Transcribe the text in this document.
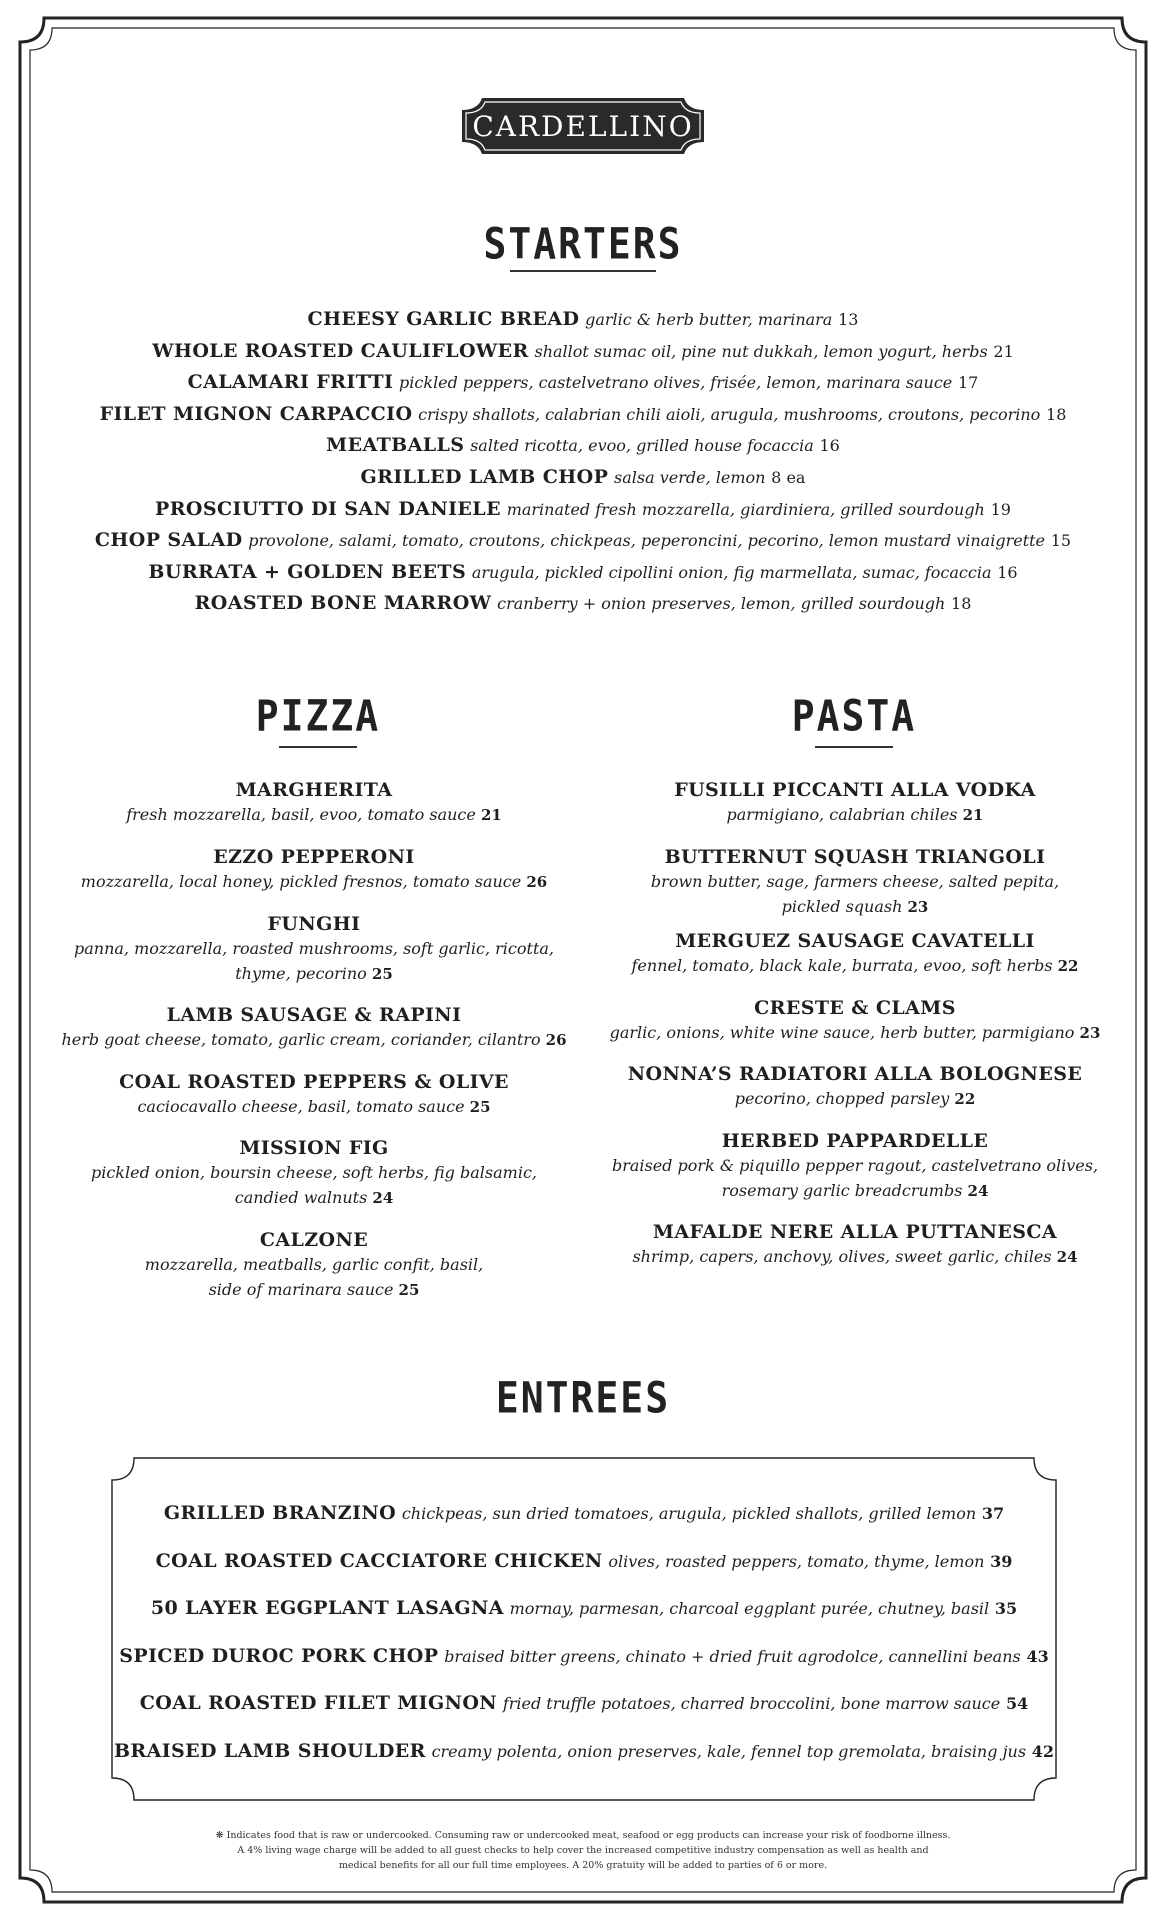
CARDELLINO
STARTERS
CHEESY GARLIC BREAD garlic & herb butter, marinara 13
WHOLE ROASTED CAULIFLOWER shallot sumac oil, pine nut dukkah, lemon yogurt, herbs 21
CALAMARI FRITTI pickled peppers, castelvetrano olives, frisée, lemon, marinara sauce 17
FILET MIGNON CARPACCIO crispy shallots, calabrian chili aioli, arugula, mushrooms, croutons, pecorino 18
MEATBALLS salted ricotta, evoo, grilled house focaccia 16
GRILLED LAMB CHOP salsa verde, lemon 8 ea
PROSCIUTTO DI SAN DANIELE marinated fresh mozzarella, giardiniera, grilled sourdough 19
CHOP SALAD provolone, salami, tomato, croutons, chickpeas, peperoncini, pecorino, lemon mustard vinaigrette 15
BURRATA + GOLDEN BEETS arugula, pickled cipollini onion, fig marmellata, sumac, focaccia 16
ROASTED BONE MARROW cranberry + onion preserves, lemon, grilled sourdough 18
PIZZA
MARGHERITA
fresh mozzarella, basil, evoo, tomato sauce 21
EZZO PEPPERONI
mozzarella, local honey, pickled fresnos, tomato sauce 26
FUNGHI
panna, mozzarella, roasted mushrooms, soft garlic, ricotta,
thyme, pecorino 25
LAMB SAUSAGE & RAPINI
herb goat cheese, tomato, garlic cream, coriander, cilantro 26
COAL ROASTED PEPPERS & OLIVE
caciocavallo cheese, basil, tomato sauce 25
MISSION FIG
pickled onion, boursin cheese, soft herbs, fig balsamic,
candied walnuts 24
CALZONE
mozzarella, meatballs, garlic confit, basil,
side of marinara sauce 25
PASTA
FUSILLI PICCANTI ALLA VODKA
parmigiano, calabrian chiles 21
BUTTERNUT SQUASH TRIANGOLI
brown butter, sage, farmers cheese, salted pepita,
pickled squash 23
MERGUEZ SAUSAGE CAVATELLI
fennel, tomato, black kale, burrata, evoo, soft herbs 22
CRESTE & CLAMS
garlic, onions, white wine sauce, herb butter, parmigiano 23
NONNA’S RADIATORI ALLA BOLOGNESE
pecorino, chopped parsley 22
HERBED PAPPARDELLE
braised pork & piquillo pepper ragout, castelvetrano olives,
rosemary garlic breadcrumbs 24
MAFALDE NERE ALLA PUTTANESCA
shrimp, capers, anchovy, olives, sweet garlic, chiles 24
ENTREES
GRILLED BRANZINO chickpeas, sun dried tomatoes, arugula, pickled shallots, grilled lemon 37
COAL ROASTED CACCIATORE CHICKEN olives, roasted peppers, tomato, thyme, lemon 39
50 LAYER EGGPLANT LASAGNA mornay, parmesan, charcoal eggplant purée, chutney, basil 35
SPICED DUROC PORK CHOP braised bitter greens, chinato + dried fruit agrodolce, cannellini beans 43
COAL ROASTED FILET MIGNON fried truffle potatoes, charred broccolini, bone marrow sauce 54
BRAISED LAMB SHOULDER creamy polenta, onion preserves, kale, fennel top gremolata, braising jus 42
❋ Indicates food that is raw or undercooked. Consuming raw or undercooked meat, seafood or egg products can increase your risk of foodborne illness.
A 4% living wage charge will be added to all guest checks to help cover the increased competitive industry compensation as well as health and
medical benefits for all our full time employees. A 20% gratuity will be added to parties of 6 or more.
